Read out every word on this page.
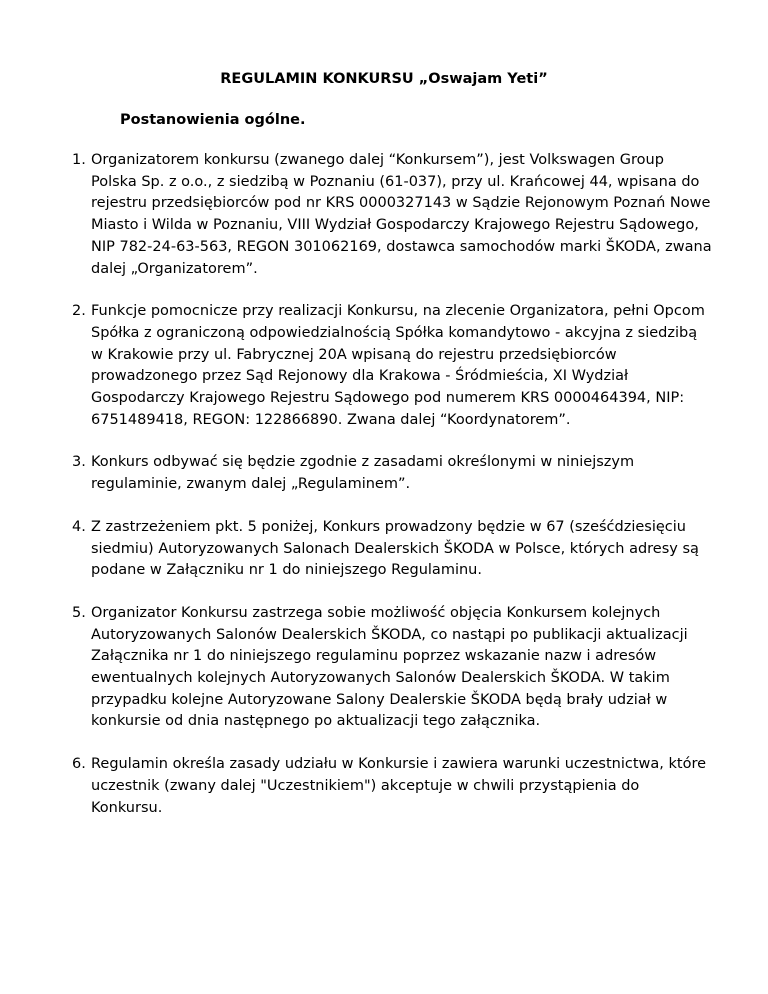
REGULAMIN KONKURSU „Oswajam Yeti”
Postanowienia ogólne.
1. Organizatorem konkursu (zwanego dalej “Konkursem”), jest Volkswagen Group Polska Sp. z o.o., z siedzibą w Poznaniu (61-037), przy ul. Krańcowej 44, wpisana do rejestru przedsiębiorców pod nr KRS 0000327143 w Sądzie Rejonowym Poznań Nowe Miasto i Wilda w Poznaniu, VIII Wydział Gospodarczy Krajowego Rejestru Sądowego, NIP 782-24-63-563, REGON 301062169, dostawca samochodów marki ŠKODA, zwana dalej „Organizatorem”.
2. Funkcje pomocnicze przy realizacji Konkursu, na zlecenie Organizatora, pełni Opcom Spółka z ograniczoną odpowiedzialnością Spółka komandytowo - akcyjna z siedzibą w Krakowie przy ul. Fabrycznej 20A wpisaną do rejestru przedsiębiorców prowadzonego przez Sąd Rejonowy dla Krakowa - Śródmieścia, XI Wydział Gospodarczy Krajowego Rejestru Sądowego pod numerem KRS 0000464394, NIP: 6751489418, REGON: 122866890. Zwana dalej “Koordynatorem”.
3. Konkurs odbywać się będzie zgodnie z zasadami określonymi w niniejszym regulaminie, zwanym dalej „Regulaminem”.
4. Z zastrzeżeniem pkt. 5 poniżej, Konkurs prowadzony będzie w 67 (sześćdziesięciu siedmiu) Autoryzowanych Salonach Dealerskich ŠKODA w Polsce, których adresy są podane w Załączniku nr 1 do niniejszego Regulaminu.
5. Organizator Konkursu zastrzega sobie możliwość objęcia Konkursem kolejnych Autoryzowanych Salonów Dealerskich ŠKODA, co nastąpi po publikacji aktualizacji Załącznika nr 1 do niniejszego regulaminu poprzez wskazanie nazw i adresów ewentualnych kolejnych Autoryzowanych Salonów Dealerskich ŠKODA. W takim przypadku kolejne Autoryzowane Salony Dealerskie ŠKODA będą brały udział w konkursie od dnia następnego po aktualizacji tego załącznika.
6. Regulamin określa zasady udziału w Konkursie i zawiera warunki uczestnictwa, które uczestnik (zwany dalej "Uczestnikiem") akceptuje w chwili przystąpienia do Konkursu.
